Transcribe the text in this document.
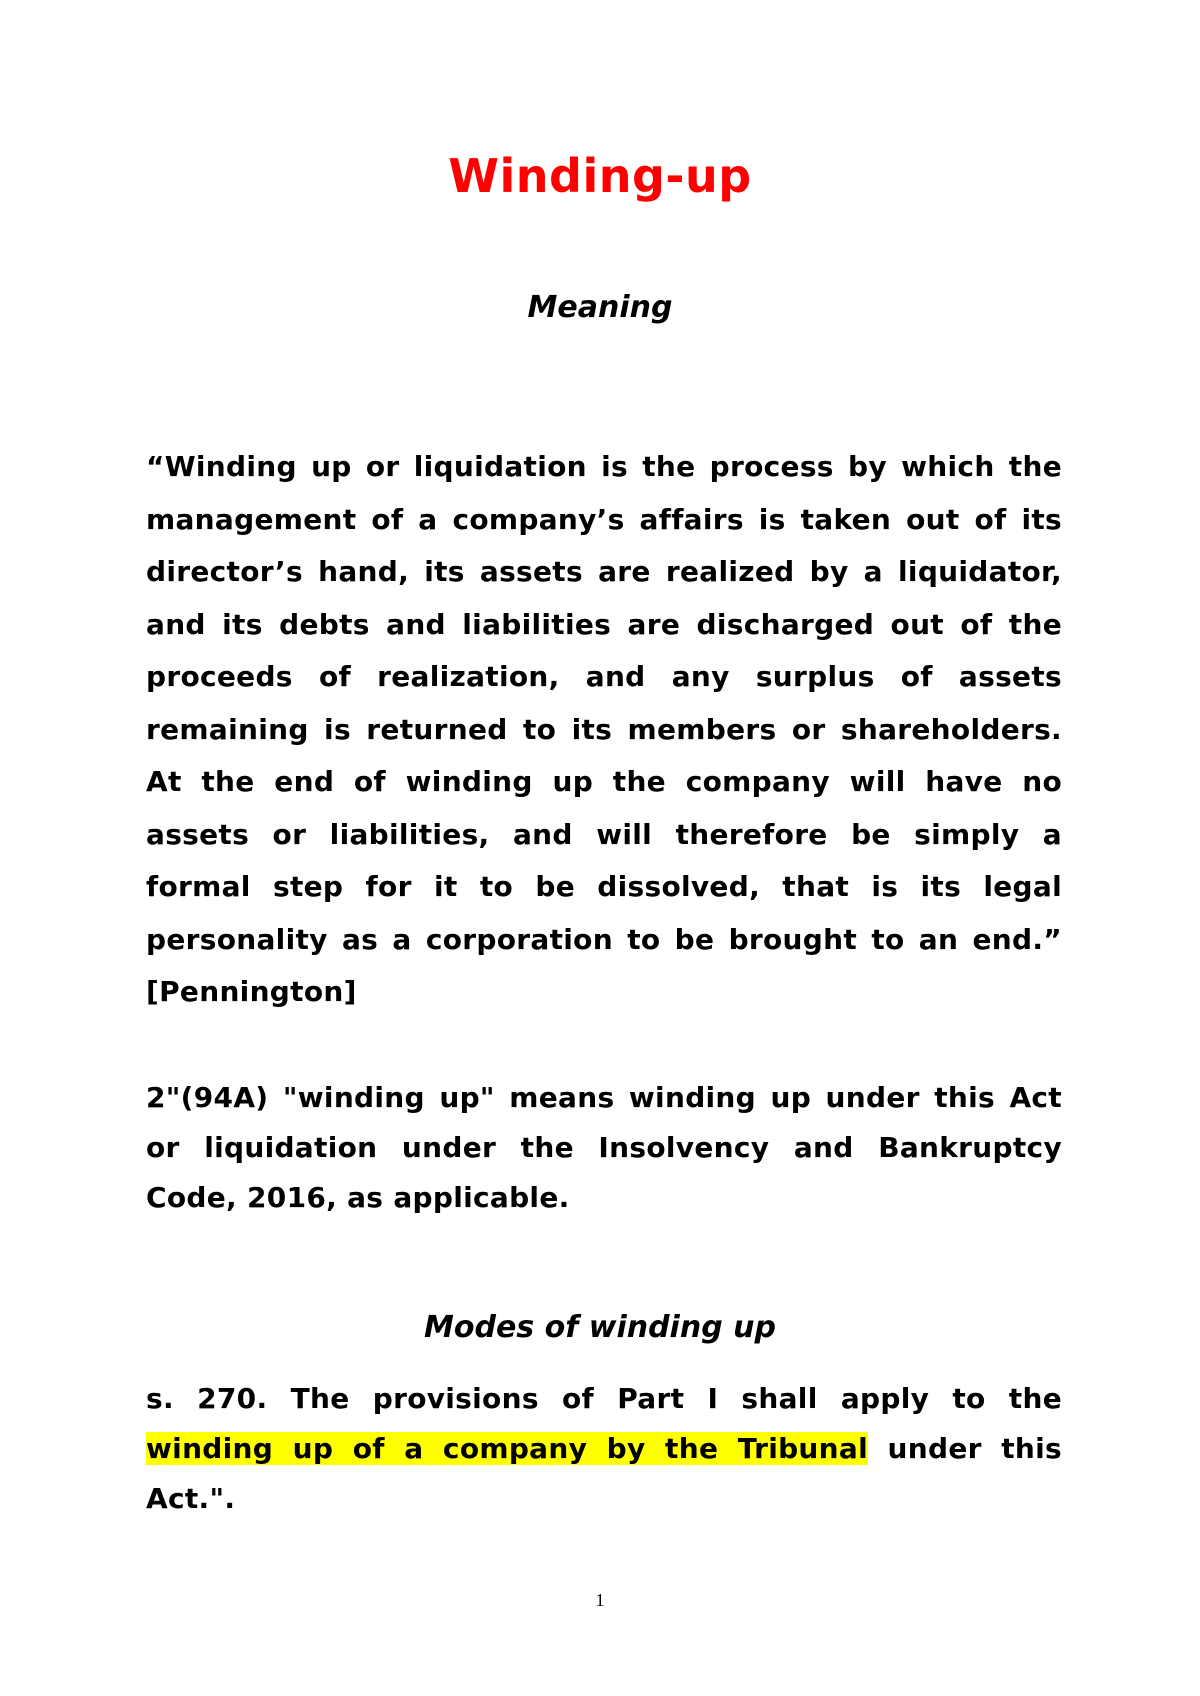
Winding-up
Meaning
“Winding up or liquidation is the process by which the management of a company’s affairs is taken out of its director’s hand, its assets are realized by a liquidator, and its debts and liabilities are discharged out of the proceeds of realization, and any surplus of assets remaining is returned to its members or shareholders. At the end of winding up the company will have no assets or liabilities, and will therefore be simply a formal step for it to be dissolved, that is its legal personality as a corporation to be brought to an end.” [Pennington]
2"(94A) "winding up" means winding up under this Act or liquidation under the Insolvency and Bankruptcy Code, 2016, as applicable.
Modes of winding up
s. 270. The provisions of Part I shall apply to the winding up of a company by the Tribunal under this Act.".
1
